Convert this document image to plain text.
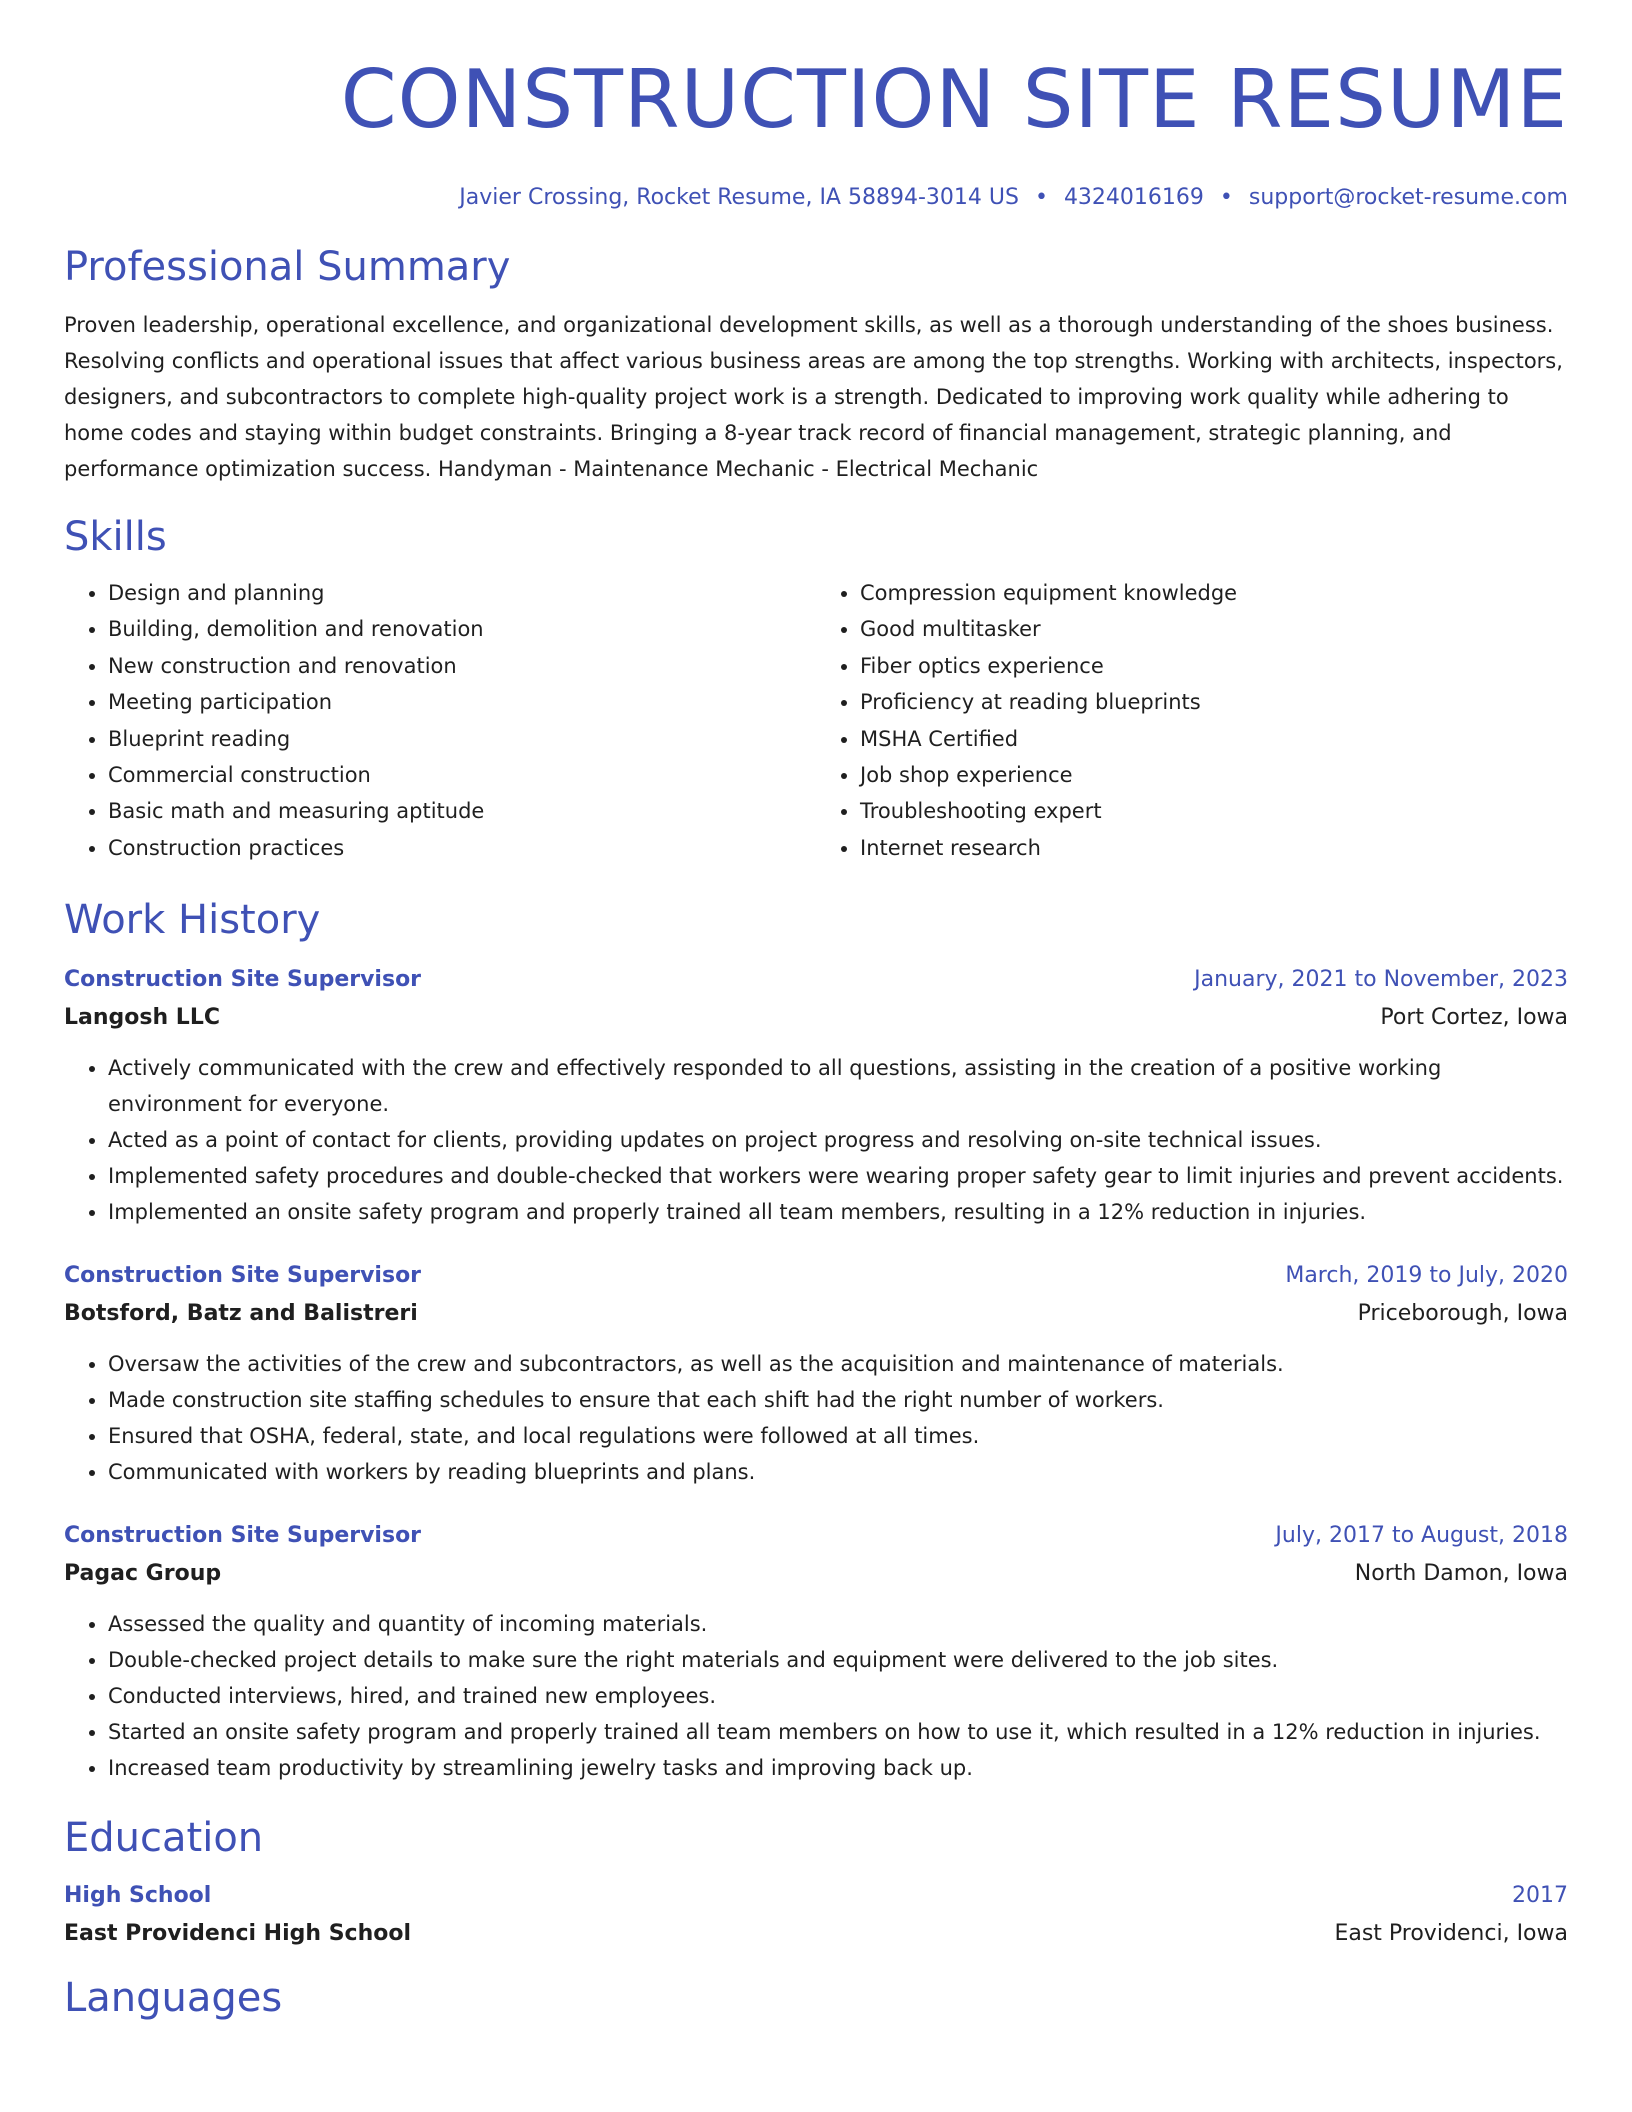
CONSTRUCTION SITE RESUME
Javier Crossing, Rocket Resume, IA 58894-3014 US • 4324016169 • support@rocket-resume.com
Professional Summary

Proven leadership, operational excellence, and organizational development skills, as well as a thorough understanding of the shoes business. Resolving conflicts and operational issues that affect various business areas are among the top strengths. Working with architects, inspectors, designers, and subcontractors to complete high-quality project work is a strength. Dedicated to improving work quality while adhering to home codes and staying within budget constraints. Bringing a 8-year track record of financial management, strategic planning, and performance optimization success. Handyman - Maintenance Mechanic - Electrical Mechanic

Skills
• Design and planning
• Building, demolition and renovation
• New construction and renovation
• Meeting participation
• Blueprint reading
• Commercial construction
• Basic math and measuring aptitude
• Construction practices
• Compression equipment knowledge
• Good multitasker
• Fiber optics experience
• Proficiency at reading blueprints
• MSHA Certified
• Job shop experience
• Troubleshooting expert
• Internet research
Work History
Construction Site Supervisor	January, 2021 to November, 2023
Langosh LLC	Port Cortez, Iowa
• Actively communicated with the crew and effectively responded to all questions, assisting in the creation of a positive working environment for everyone.
• Acted as a point of contact for clients, providing updates on project progress and resolving on-site technical issues.
• Implemented safety procedures and double-checked that workers were wearing proper safety gear to limit injuries and prevent accidents.
• Implemented an onsite safety program and properly trained all team members, resulting in a 12% reduction in injuries.
Construction Site Supervisor	March, 2019 to July, 2020
Botsford, Batz and Balistreri	Priceborough, Iowa
• Oversaw the activities of the crew and subcontractors, as well as the acquisition and maintenance of materials.
• Made construction site staffing schedules to ensure that each shift had the right number of workers.
• Ensured that OSHA, federal, state, and local regulations were followed at all times.
• Communicated with workers by reading blueprints and plans.
Construction Site Supervisor	July, 2017 to August, 2018
Pagac Group	North Damon, Iowa
• Assessed the quality and quantity of incoming materials.
• Double-checked project details to make sure the right materials and equipment were delivered to the job sites.
• Conducted interviews, hired, and trained new employees.
• Started an onsite safety program and properly trained all team members on how to use it, which resulted in a 12% reduction in injuries.
• Increased team productivity by streamlining jewelry tasks and improving back up.
Education
High School	2017
East Providenci High School	East Providenci, Iowa
Languages
